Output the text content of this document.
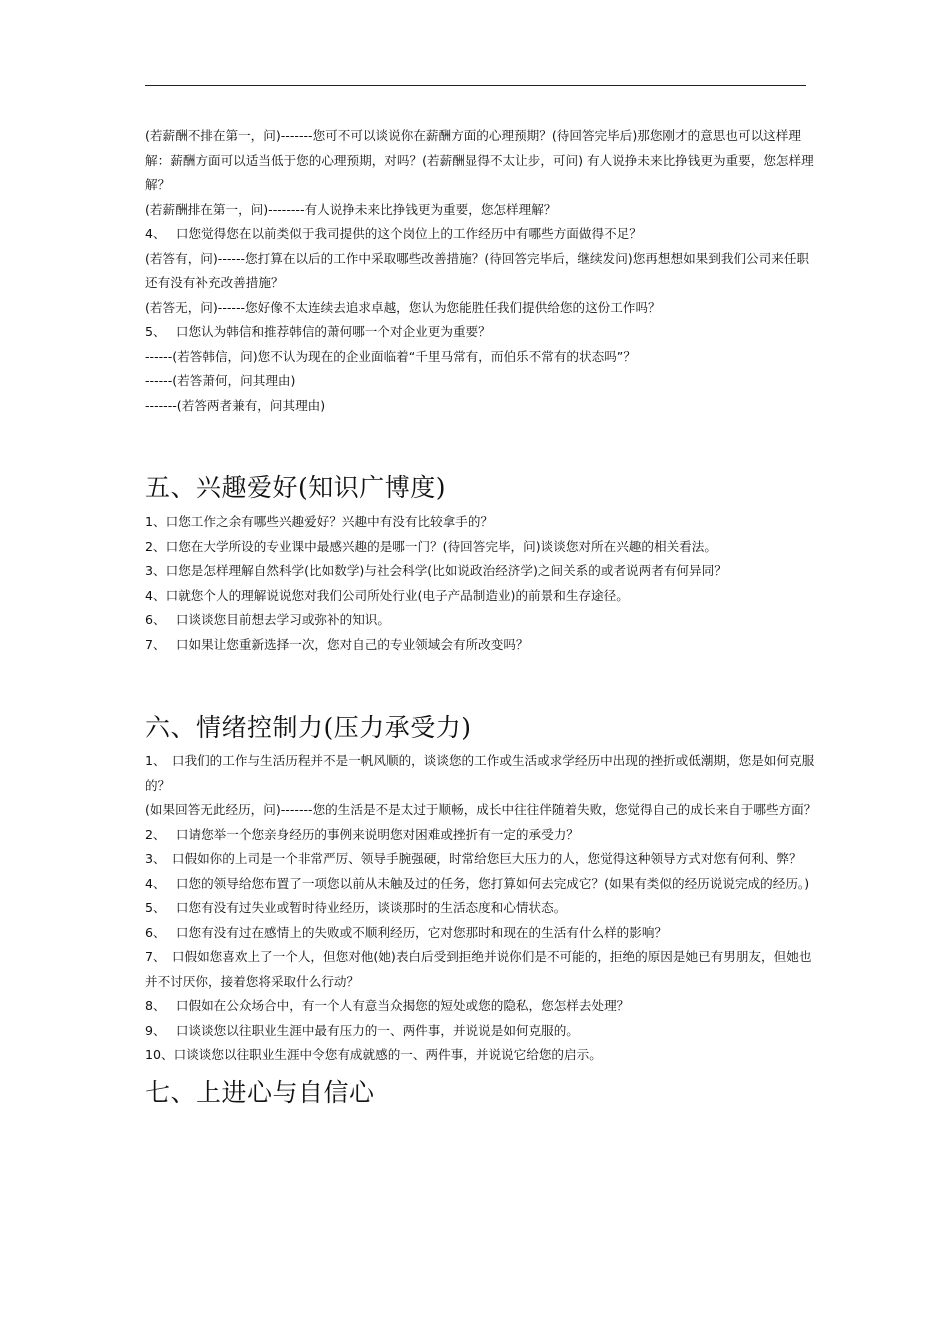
(若薪酬不排在第一，问)-------您可不可以谈说你在薪酬方面的心理预期？(待回答完毕后)那您刚才的意思也可以这样理解：薪酬方面可以适当低于您的心理预期，对吗？(若薪酬显得不太让步，可问) 有人说挣未来比挣钱更为重要，您怎样理解？
(若薪酬排在第一，问)--------有人说挣未来比挣钱更为重要，您怎样理解？
4、　 口您觉得您在以前类似于我司提供的这个岗位上的工作经历中有哪些方面做得不足？
(若答有，问)------您打算在以后的工作中采取哪些改善措施？(待回答完毕后，继续发问)您再想想如果到我们公司来任职还有没有补充改善措施？
(若答无，问)------您好像不太连续去追求卓越，您认为您能胜任我们提供给您的这份工作吗？
5、　 口您认为韩信和推荐韩信的萧何哪一个对企业更为重要？
------(若答韩信，问)您不认为现在的企业面临着“千里马常有，而伯乐不常有的状态吗”？
------(若答萧何，问其理由)
-------(若答两者兼有，问其理由)
五、兴趣爱好(知识广博度)
1、口您工作之余有哪些兴趣爱好？兴趣中有没有比较拿手的？
2、口您在大学所设的专业课中最感兴趣的是哪一门？(待回答完毕，问)谈谈您对所在兴趣的相关看法。
3、口您是怎样理解自然科学(比如数学)与社会科学(比如说政治经济学)之间关系的或者说两者有何异同？
4、口就您个人的理解说说您对我们公司所处行业(电子产品制造业)的前景和生存途径。
6、　 口谈谈您目前想去学习或弥补的知识。
7、　 口如果让您重新选择一次，您对自己的专业领域会有所改变吗？
六、情绪控制力(压力承受力)
1、　口我们的工作与生活历程并不是一帆风顺的，谈谈您的工作或生活或求学经历中出现的挫折或低潮期，您是如何克服的？
(如果回答无此经历，问)-------您的生活是不是太过于顺畅，成长中往往伴随着失败，您觉得自己的成长来自于哪些方面？
2、　 口请您举一个您亲身经历的事例来说明您对困难或挫折有一定的承受力？
3、　口假如你的上司是一个非常严厉、领导手腕强硬，时常给您巨大压力的人，您觉得这种领导方式对您有何利、弊？
4、　 口您的领导给您布置了一项您以前从未触及过的任务，您打算如何去完成它？(如果有类似的经历说说完成的经历。)
5、　 口您有没有过失业或暂时待业经历，谈谈那时的生活态度和心情状态。
6、　 口您有没有过在感情上的失败或不顺利经历，它对您那时和现在的生活有什么样的影响？
7、　口假如您喜欢上了一个人，但您对他(她)表白后受到拒绝并说你们是不可能的，拒绝的原因是她已有男朋友，但她也并不讨厌你，接着您将采取什么行动？
8、　 口假如在公众场合中，有一个人有意当众揭您的短处或您的隐私，您怎样去处理？
9、　 口谈谈您以往职业生涯中最有压力的一、两件事，并说说是如何克服的。
10、口谈谈您以往职业生涯中令您有成就感的一、两件事，并说说它给您的启示。
七、上进心与自信心
